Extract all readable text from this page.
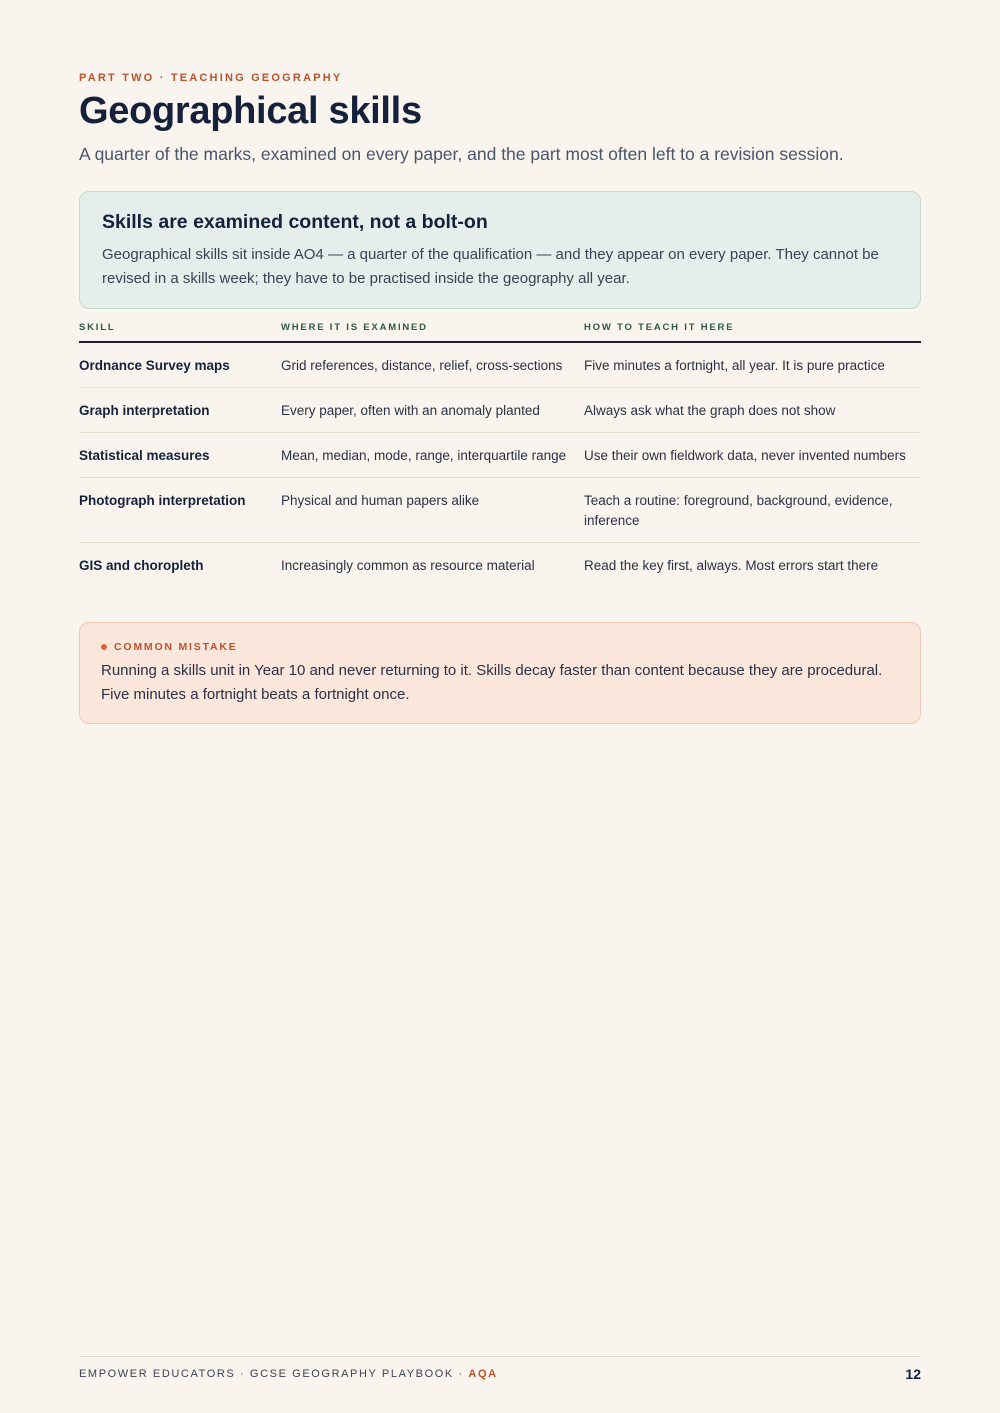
PART TWO · TEACHING GEOGRAPHY
Geographical skills

A quarter of the marks, examined on every paper, and the part most often left to a revision session.

Skills are examined content, not a bolt-on
Geographical skills sit inside AO4 — a quarter of the qualification — and they appear on every paper. They cannot be revised in a skills week; they have to be practised inside the geography all year.
SKILL	WHERE IT IS EXAMINED	HOW TO TEACH IT HERE
Ordnance Survey maps	Grid references, distance, relief, cross-sections	Five minutes a fortnight, all year. It is pure practice
Graph interpretation	Every paper, often with an anomaly planted	Always ask what the graph does not show
Statistical measures	Mean, median, mode, range, interquartile range	Use their own fieldwork data, never invented numbers
Photograph interpretation	Physical and human papers alike	Teach a routine: foreground, background, evidence, inference
GIS and choropleth	Increasingly common as resource material	Read the key first, always. Most errors start there
COMMON MISTAKE
Running a skills unit in Year 10 and never returning to it. Skills decay faster than content because they are procedural. Five minutes a fortnight beats a fortnight once.
EMPOWER EDUCATORS · GCSE GEOGRAPHY PLAYBOOK · AQA	12
